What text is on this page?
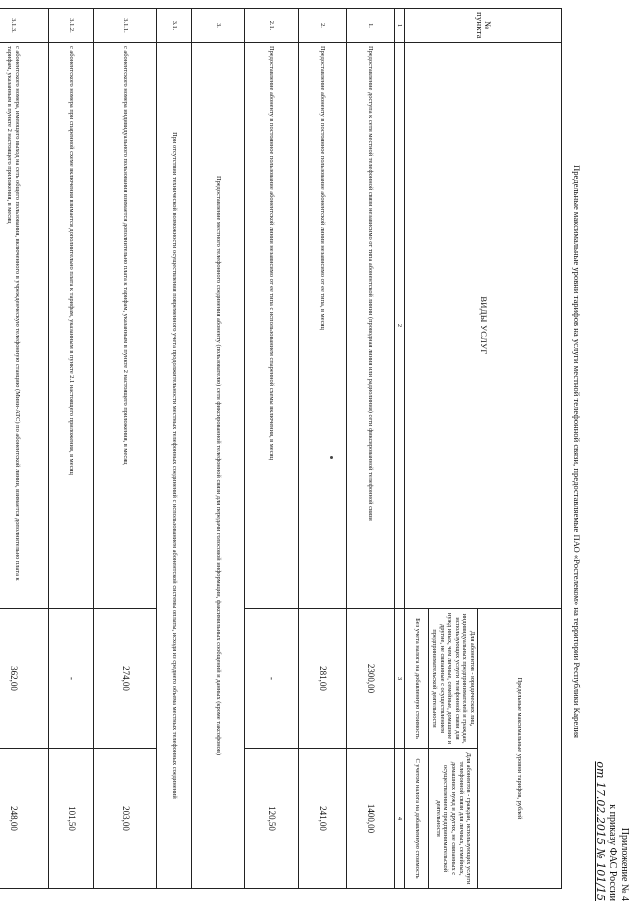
Приложение № 4
к приказу ФАС России
от 17.02.2015 № 101/15
Предельные максимальные уровни тарифов на услуги местной телефонной связи, предоставляемые ПАО «Ростелеком» на территории Республики Карелия
№ пункта	ВИДЫ УСЛУГ	Предельные максимальные уровни тарифов, рублей	
		Для абонентов - юридических лиц, индивидуальных предпринимателей и граждан, использующих услуги телефонной связи для нужд иных, чем личные, семейные, домашние и другие, не связанные с осуществлением предпринимательской деятельности	Для абонентов - граждан, использующих услуги телефонной связи для личных, семейных, домашних нужд и других, не связанных с осуществлением предпринимательской деятельности
		Без учета налога на добавленную стоимость	С учетом налога на добавленную стоимость
1	2	3	4
1.	Предоставление доступа к сети местной телефонной связи независимо от типа абонентской линии (проводная линия или радиолиния) сети фиксированной телефонной связи	2300,00	1400,00
2.	Предоставление абоненту в постоянное пользование абонентской линии независимо от ее типа, в месяц	281,00	241,00
2.1.	Предоставление абоненту в постоянное пользование абонентской линии независимо от ее типа с использованием спаренной схемы включения, в месяц	-	120,50
3.	Предоставление местного телефонного соединения абоненту (пользователю) сети фиксированной телефонной связи для передачи голосовой информации, факсимильных сообщений и данных (кроме таксофонов)		
3.1.	При отсутствии технической возможности осуществления повременного учета продолжительности местных телефонных соединений с использованием абонентской системы оплаты, исходя из среднего объема местных телефонных соединений		
3.1.1.	с абонентского номера индивидуального пользования взимается дополнительно плата к тарифам, указанным в пункте 2 настоящего приложения, в месяц	274,00	203,00
3.1.2.	с абонентского номера при спаренной схеме включения взимается дополнительно плата к тарифам, указанным в пункте 2.1 настоящего приложения, в месяц	-	101,50
3.1.3.	с абонентского номера, имеющего выход на сеть общего пользования, включенного в учрежденческую телефонную станцию (Мини-АТС) по абонентской линии, взимается дополнительно плата к тарифам, указанным в пункте 2 настоящего приложения, в месяц	362,00	248,00
